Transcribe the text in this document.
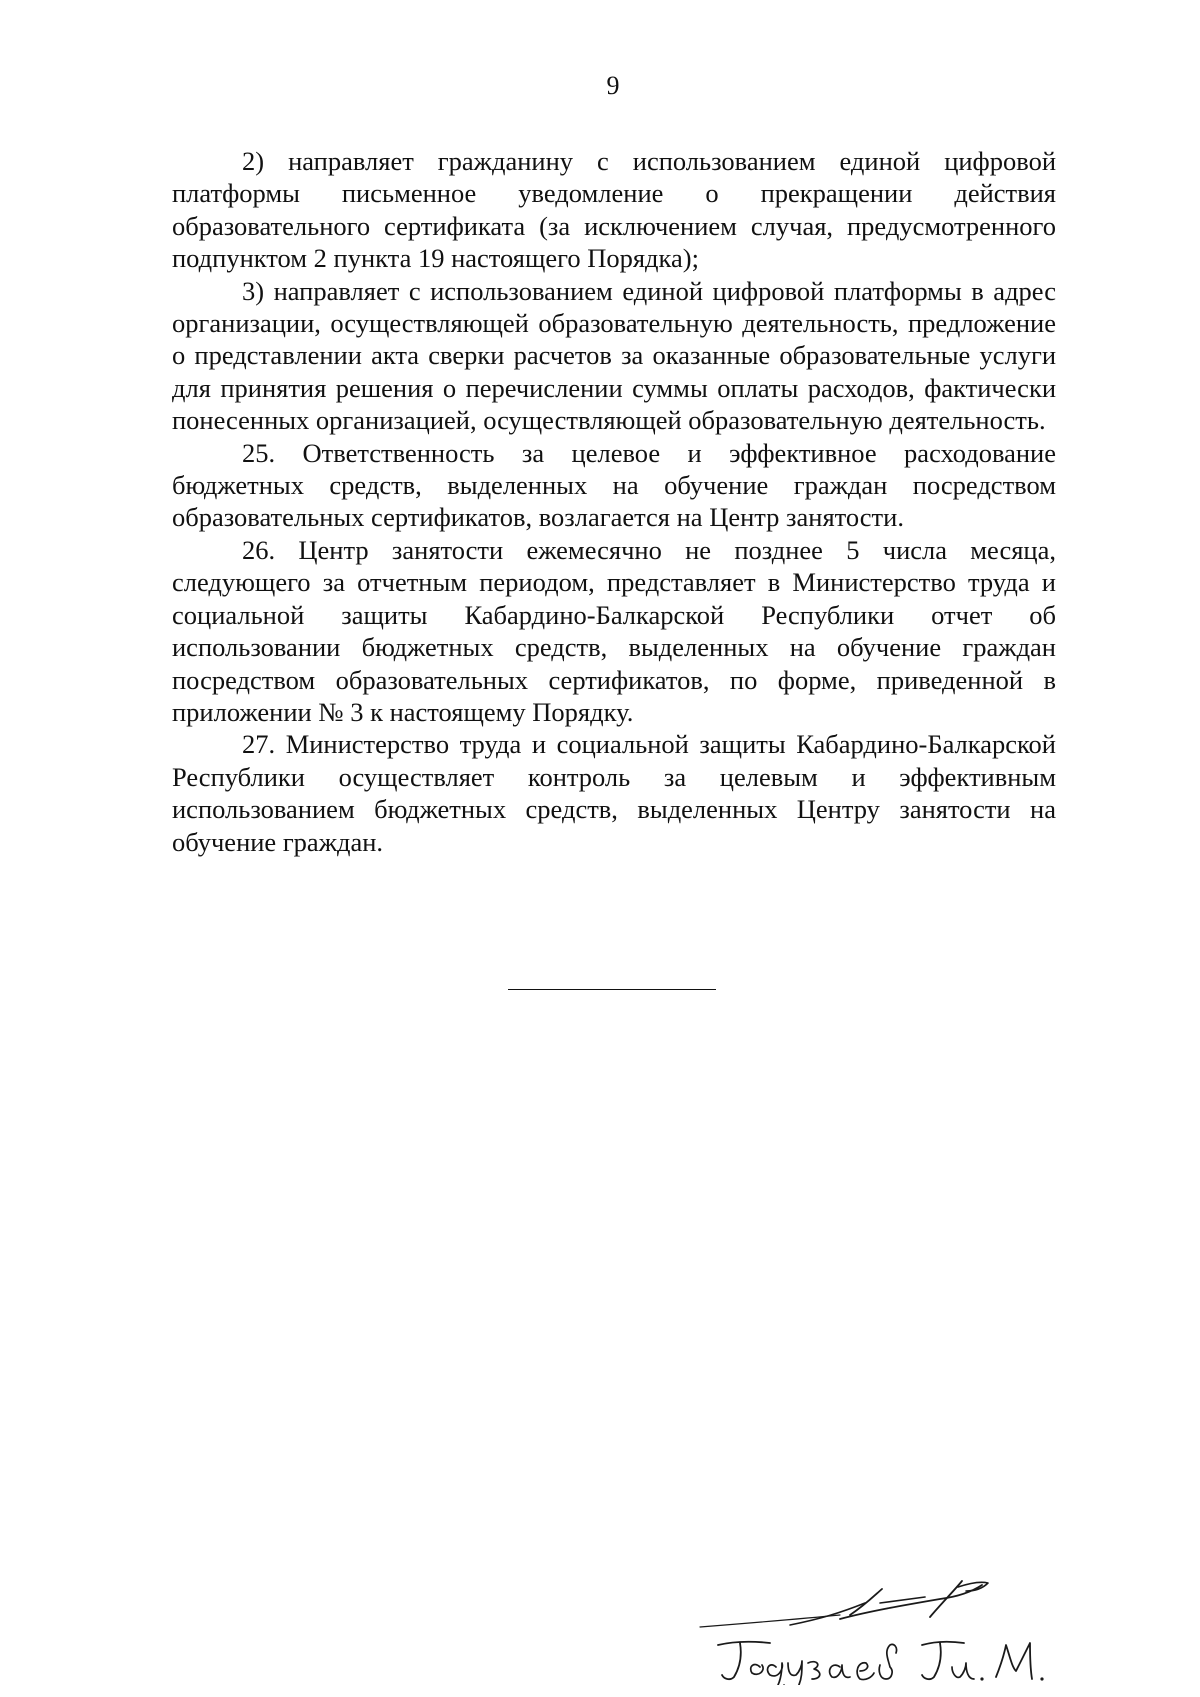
9

2) направляет гражданину с использованием единой цифровой платформы письменное уведомление о прекращении действия образовательного сертификата (за исключением случая, предусмотренного подпунктом 2 пункта 19 настоящего Порядка);

3) направляет с использованием единой цифровой платформы в адрес организации, осуществляющей образовательную деятельность, предложение о представлении акта сверки расчетов за оказанные образовательные услуги для принятия решения о перечислении суммы оплаты расходов, фактически понесенных организацией, осуществляющей образовательную деятельность.

25. Ответственность за целевое и эффективное расходование бюджетных средств, выделенных на обучение граждан посредством образовательных сертификатов, возлагается на Центр занятости.

26. Центр занятости ежемесячно не позднее 5 числа месяца, следующего за отчетным периодом, представляет в Министерство труда и социальной защиты Кабардино-Балкарской Республики отчет об использовании бюджетных средств, выделенных на обучение граждан посредством образовательных сертификатов, по форме, приведенной в приложении № 3 к настоящему Порядку.

27. Министерство труда и социальной защиты Кабардино-Балкарской Республики осуществляет контроль за целевым и эффективным использованием бюджетных средств, выделенных Центру занятости на обучение граждан.
